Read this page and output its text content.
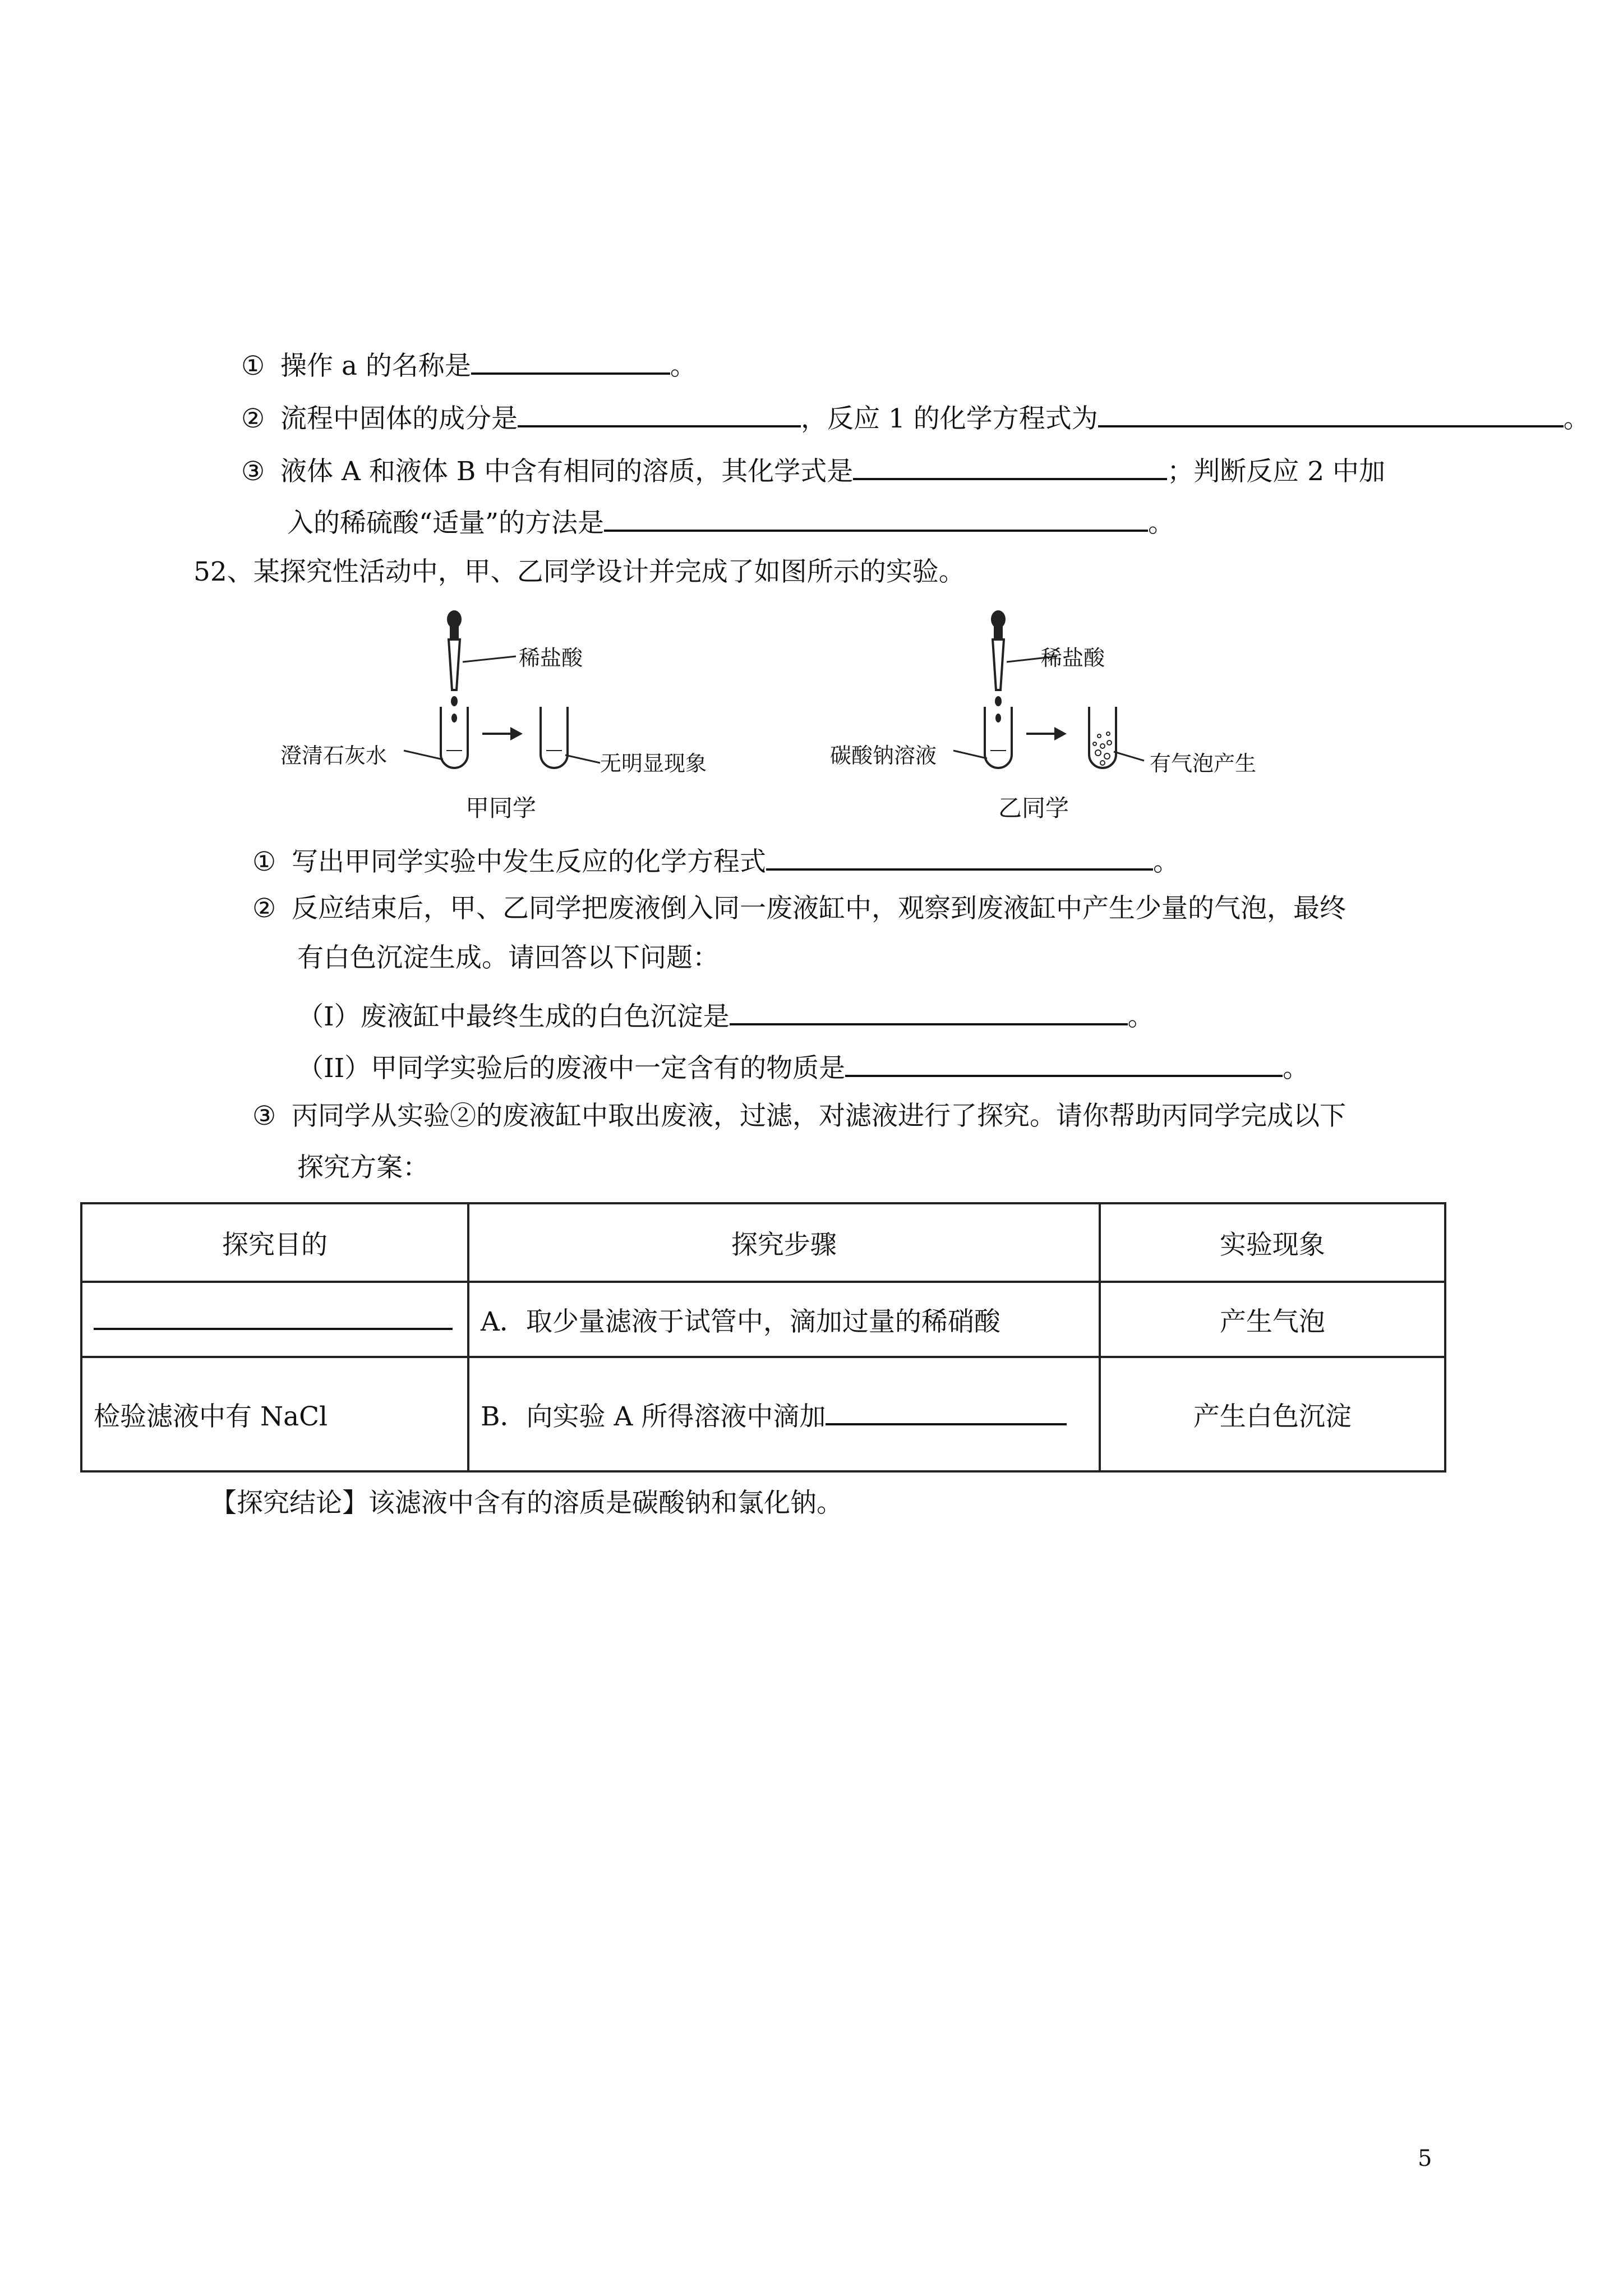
① 操作 a 的名称是	。
② 流程中固体的成分是	，反应 1 的化学方程式为	。
③ 液体 A 和液体 B 中含有相同的溶质，其化学式是	；判断反应 2 中加
入的稀硫酸“适量”的方法是	。
52、某探究性活动中，甲、乙同学设计并完成了如图所示的实验。
稀盐酸
澄清石灰水	无明显现象
甲同学
稀盐酸
碳酸钠溶液	有气泡产生
乙同学
① 写出甲同学实验中发生反应的化学方程式	。
② 反应结束后，甲、乙同学把废液倒入同一废液缸中，观察到废液缸中产生少量的气泡，最终
有白色沉淀生成。请回答以下问题：
（I）废液缸中最终生成的白色沉淀是	。
（II）甲同学实验后的废液中一定含有的物质是	。
③ 丙同学从实验②的废液缸中取出废液，过滤，对滤液进行了探究。请你帮助丙同学完成以下
探究方案：
探究目的	探究步骤	实验现象
	A．取少量滤液于试管中，滴加过量的稀硝酸	产生气泡
检验滤液中有 NaCl	B．向实验 A 所得溶液中滴加	产生白色沉淀
【探究结论】该滤液中含有的溶质是碳酸钠和氯化钠。
5
